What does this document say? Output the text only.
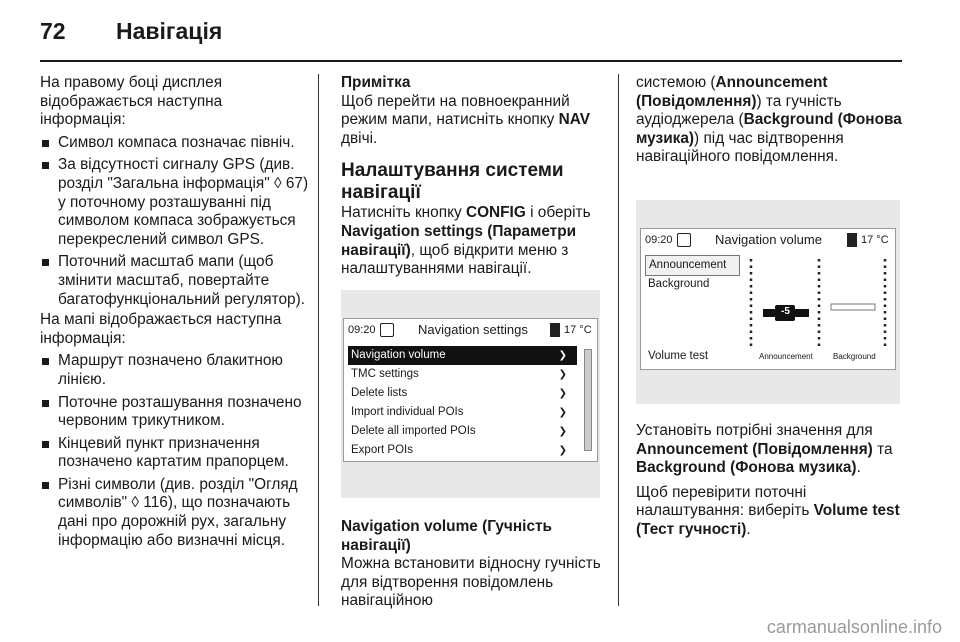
72 Навігація

На правому боці дисплея відображається наступна інформація:

Символ компаса позначає північ.
За відсутності сигналу GPS (див. розділ "Загальна інформація" ◊ 67) у поточному розташуванні під символом компаса зображується перекреслений символ GPS.
Поточний масштаб мапи (щоб змінити масштаб, повертайте багатофункціональний регулятор).

На мапі відображається наступна інформація:

Маршрут позначено блакитною лінією.
Поточне розташування позначено червоним трикутником.
Кінцевий пункт призначення позначено картатим прапорцем.
Різні символи (див. розділ "Огляд символів" ◊ 116), що позначають дані про дорожній рух, загальну інформацію або визначні місця.

Примітка

Щоб перейти на повноекранний режим мапи, натисніть кнопку NAV двічі.

Налаштування системи навігації

Натисніть кнопку CONFIG і оберіть Navigation settings (Параметри навігації), щоб відкрити меню з налаштуваннями навігації.

09:20	Navigation settings	17 °C
Navigation volume	❯
TMC settings	❯
Delete lists	❯
Import individual POIs	❯
Delete all imported POIs	❯
Export POIs	❯

Navigation volume (Гучність навігації)

Можна встановити відносну гучність для відтворення повідомлень навігаційною

системою (Announcement (Повідомлення)) та гучність аудіоджерела (Background (Фонова музика)) під час відтворення навігаційного повідомлення.

09:20	Navigation volume	17 °C
Announcement
Background
Volume test
-5
Announcement	Background

Установіть потрібні значення для Announcement (Повідомлення) та Background (Фонова музика).

Щоб перевірити поточні налаштування: виберіть Volume test (Тест гучності).

carmanualsonline.info
